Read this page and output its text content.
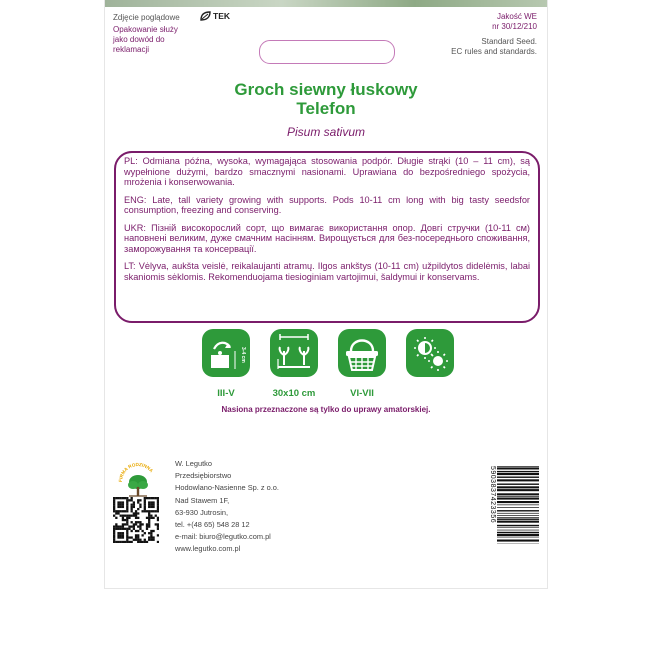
Zdjęcie poglądowe	TEK
Opakowanie służy jako dowód do reklamacji
Jakość WE
nr 30/12/210
Standard Seed.
EC rules and standards.
Groch siewny łuskowy
Telefon
Pisum sativum

PL: Odmiana późna, wysoka, wymagająca stosowania podpór. Długie strąki (10 – 11 cm), są wypełnione dużymi, bardzo smacznymi nasionami. Uprawiana do bezpośredniego spożycia, mrożenia i konserwowania.

ENG: Late, tall variety growing with supports. Pods 10-11 cm long with big tasty seedsfor consumption, freezing and conserving.

UKR: Пізній високорослий сорт, що вимагає використання опор. Довгі стручки (10-11 см) наповнені великим, дуже смачним насінням. Вирощується для без-посереднього споживання, заморожування та консервації.

LT: Vėlyva, aukšta veislė, reikalaujanti atramų. Ilgos ankštys (10-11 cm) užpildytos didelėmis, labai skaniomis sėklomis. Rekomenduojama tiesioginiam vartojimui, šaldymui ir konservams.

3-4 cm
III-V	30x10 cm	VI-VII
Nasiona przeznaczone są tylko do uprawy amatorskiej.
FIRMA RODZINNA
W. Legutko
Przedsiębiorstwo
Hodowlano-Nasienne Sp. z o.o.
Nad Stawem 1F,
63-930 Jutrosin,
tel. +(48 65) 548 28 12
e-mail: biuro@legutko.com.pl
www.legutko.com.pl
5903837423356
